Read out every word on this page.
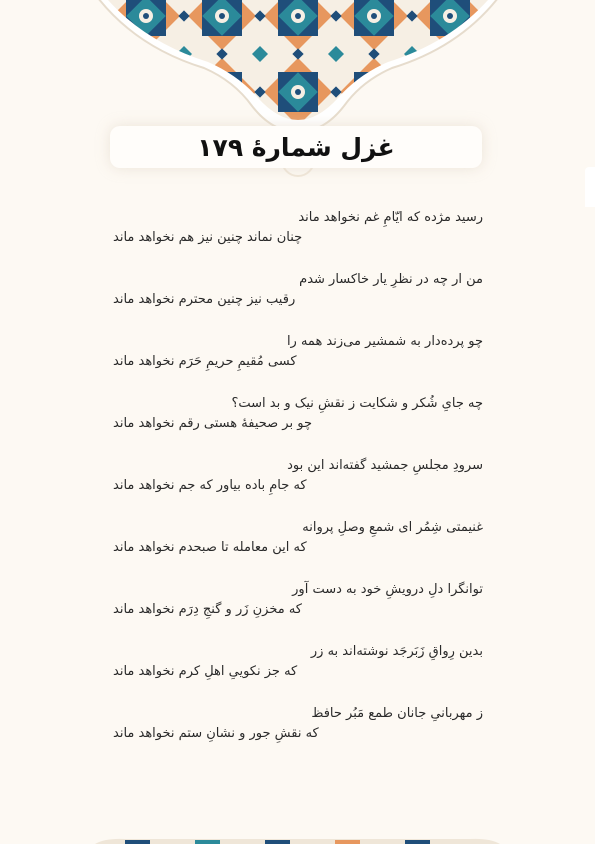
غزل شمارهٔ ۱۷۹
رسید مژده که ایّامِ غم نخواهد ماند
چنان نماند چنین نیز هم نخواهد ماند
من ار چه در نظرِ یار خاکسار شدم
رقیب نیز چنین محترم نخواهد ماند
چو پرده‌دار به شمشیر می‌زند همه را
کسی مُقیمِ حریمِ حَرَم نخواهد ماند
چه جایِ شُکر و شکایت ز نقشِ نیک و بد است؟
چو بر صحیفهٔ هستی رقم نخواهد ماند
سرودِ مجلسِ جمشید گفته‌اند این بود
که جامِ باده بیاور که جم نخواهد ماند
غنیمتی شِمُر ای شمعِ وصلِ پروانه
که این معامله تا صبحدم نخواهد ماند
توانگرا دلِ درویشِ خود به دست آور
که مخزنِ زَر و گنجِ دِرَم نخواهد ماند
بدین رِواقِ زَبَرجَد نوشته‌اند به زر
که جز نکوییِ اهلِ کرم نخواهد ماند
ز مهربانیِ جانان طمع مَبُر حافظ
که نقشِ جور و نشانِ ستم نخواهد ماند
